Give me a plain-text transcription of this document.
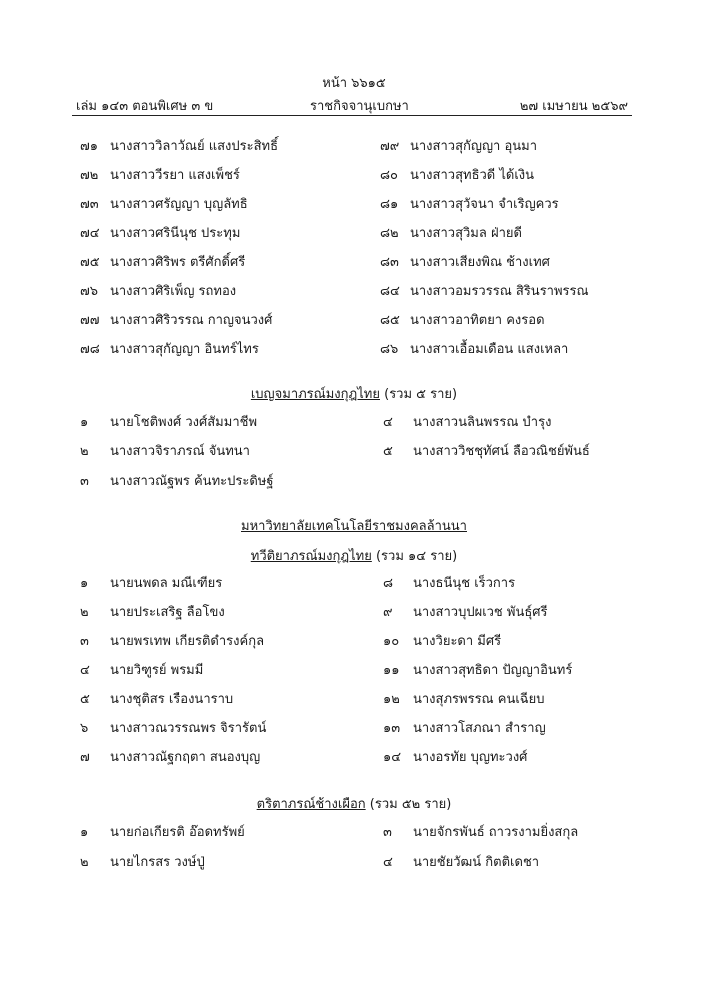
หน้า ๖๖๑๕
เล่ม ๑๔๓ ตอนพิเศษ ๓ ข	ราชกิจจานุเบกษา	๒๗ เมษายน ๒๕๖๙
๗๑ นางสาววิลาวัณย์ แสงประสิทธิ์
๗๒ นางสาววีรยา แสงเพ็ชร์
๗๓ นางสาวศรัญญา บุญลัทธิ
๗๔ นางสาวศรินีนุช ประทุม
๗๕ นางสาวศิริพร ตรีศักดิ์ศรี
๗๖ นางสาวศิริเพ็ญ รถทอง
๗๗ นางสาวศิริวรรณ กาญจนวงศ์
๗๘ นางสาวสุกัญญา อินทร์ไทร
๗๙ นางสาวสุกัญญา อุนมา
๘๐ นางสาวสุทธิวดี ได้เงิน
๘๑ นางสาวสุวัจนา จำเริญควร
๘๒ นางสาวสุวิมล ฝ่ายดี
๘๓ นางสาวเสียงพิณ ช้างเทศ
๘๔ นางสาวอมรวรรณ สิรินราพรรณ
๘๕ นางสาวอาทิตยา คงรอด
๘๖ นางสาวเอื้อมเดือน แสงเหลา
เบญจมาภรณ์มงกุฎไทย (รวม ๕ ราย)
๑ นายโชติพงศ์ วงศ์สัมมาชีพ
๒ นางสาวจิราภรณ์ จันทนา
๓ นางสาวณัฐพร ค้นทะประดิษฐ์
๔ นางสาวนลินพรรณ บำรุง
๕ นางสาววิชชุทัศน์ ลือวณิชย์พันธ์
มหาวิทยาลัยเทคโนโลยีราชมงคลล้านนา
ทวีติยาภรณ์มงกุฎไทย (รวม ๑๔ ราย)
๑ นายนพดล มณีเฑียร
๒ นายประเสริฐ ลือโขง
๓ นายพรเทพ เกียรติดำรงค์กุล
๔ นายวิฑูรย์ พรมมี
๕ นางชุติสร เรืองนาราบ
๖ นางสาวณวรรณพร จิรารัตน์
๗ นางสาวณัฐกฤตา สนองบุญ
๘ นางธนีนุช เร็วการ
๙ นางสาวบุปผเวช พันธุ์ศรี
๑๐ นางวิยะดา มีศรี
๑๑ นางสาวสุทธิดา ปัญญาอินทร์
๑๒ นางสุภรพรรณ คนเฉียบ
๑๓ นางสาวโสภณา สำราญ
๑๔ นางอรทัย บุญทะวงศ์
ตริตาภรณ์ช้างเผือก (รวม ๕๒ ราย)
๑ นายก่อเกียรติ อ๊อดทรัพย์
๒ นายไกรสร วงษ์ปู่
๓ นายจักรพันธ์ ถาวรงามยิ่งสกุล
๔ นายชัยวัฒน์ กิตติเดชา
